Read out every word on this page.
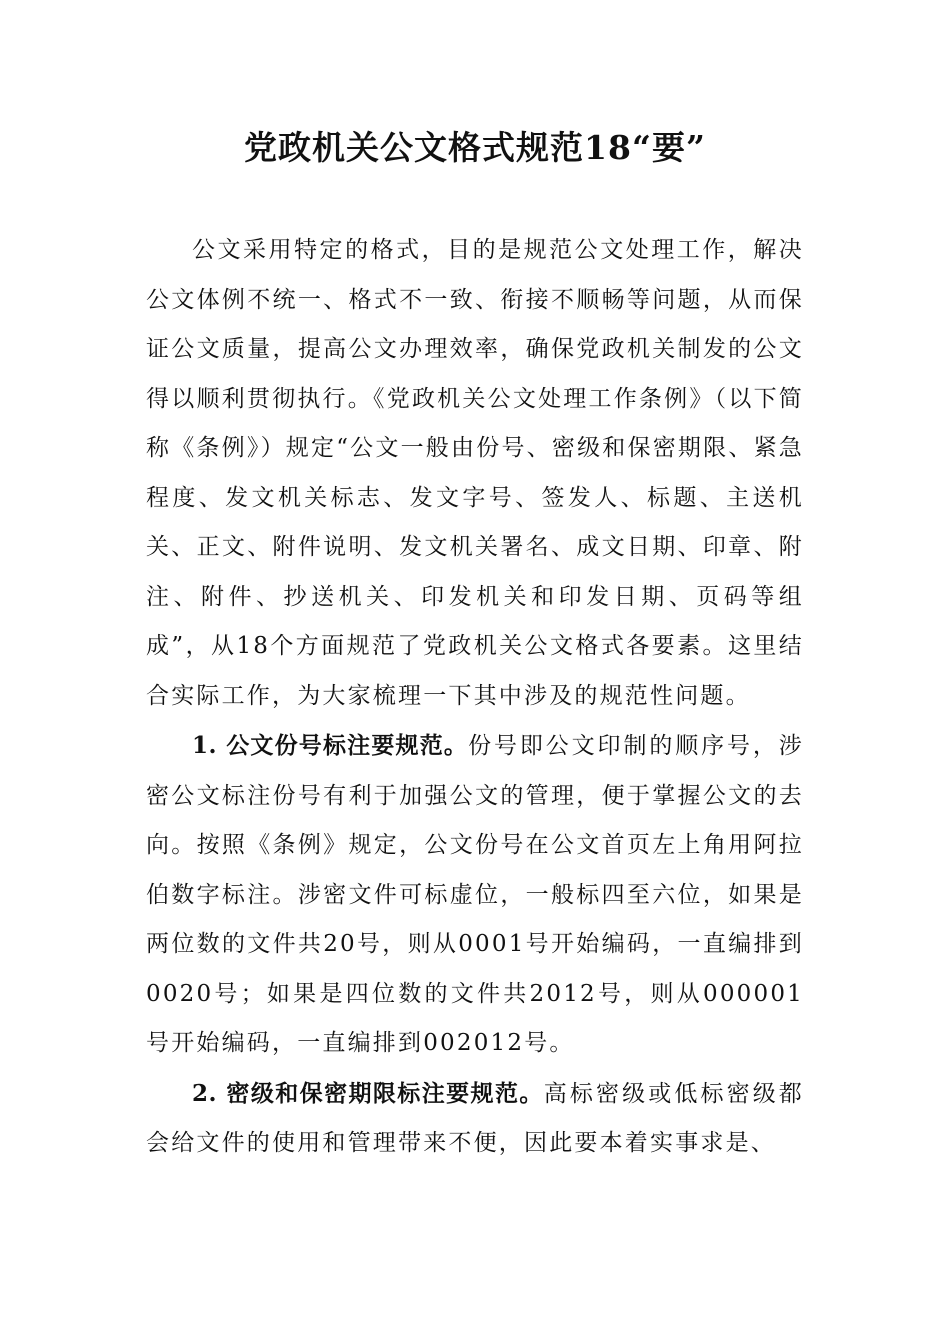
党政机关公文格式规范18“要”

公文采用特定的格式，目的是规范公文处理工作，解决公文体例不统一、格式不一致、衔接不顺畅等问题，从而保证公文质量，提高公文办理效率，确保党政机关制发的公文得以顺利贯彻执行。《党政机关公文处理工作条例》（以下简称《条例》）规定“公文一般由份号、密级和保密期限、紧急程度、发文机关标志、发文字号、签发人、标题、主送机关、正文、附件说明、发文机关署名、成文日期、印章、附注、附件、抄送机关、印发机关和印发日期、页码等组成”，从18个方面规范了党政机关公文格式各要素。这里结合实际工作，为大家梳理一下其中涉及的规范性问题。

1. 公文份号标注要规范。份号即公文印制的顺序号，涉密公文标注份号有利于加强公文的管理，便于掌握公文的去向。按照《条例》规定，公文份号在公文首页左上角用阿拉伯数字标注。涉密文件可标虚位，一般标四至六位，如果是两位数的文件共20号，则从0001号开始编码，一直编排到0020号；如果是四位数的文件共2012号，则从000001号开始编码，一直编排到002012号。

2. 密级和保密期限标注要规范。高标密级或低标密级都会给文件的使用和管理带来不便，因此要本着实事求是、
